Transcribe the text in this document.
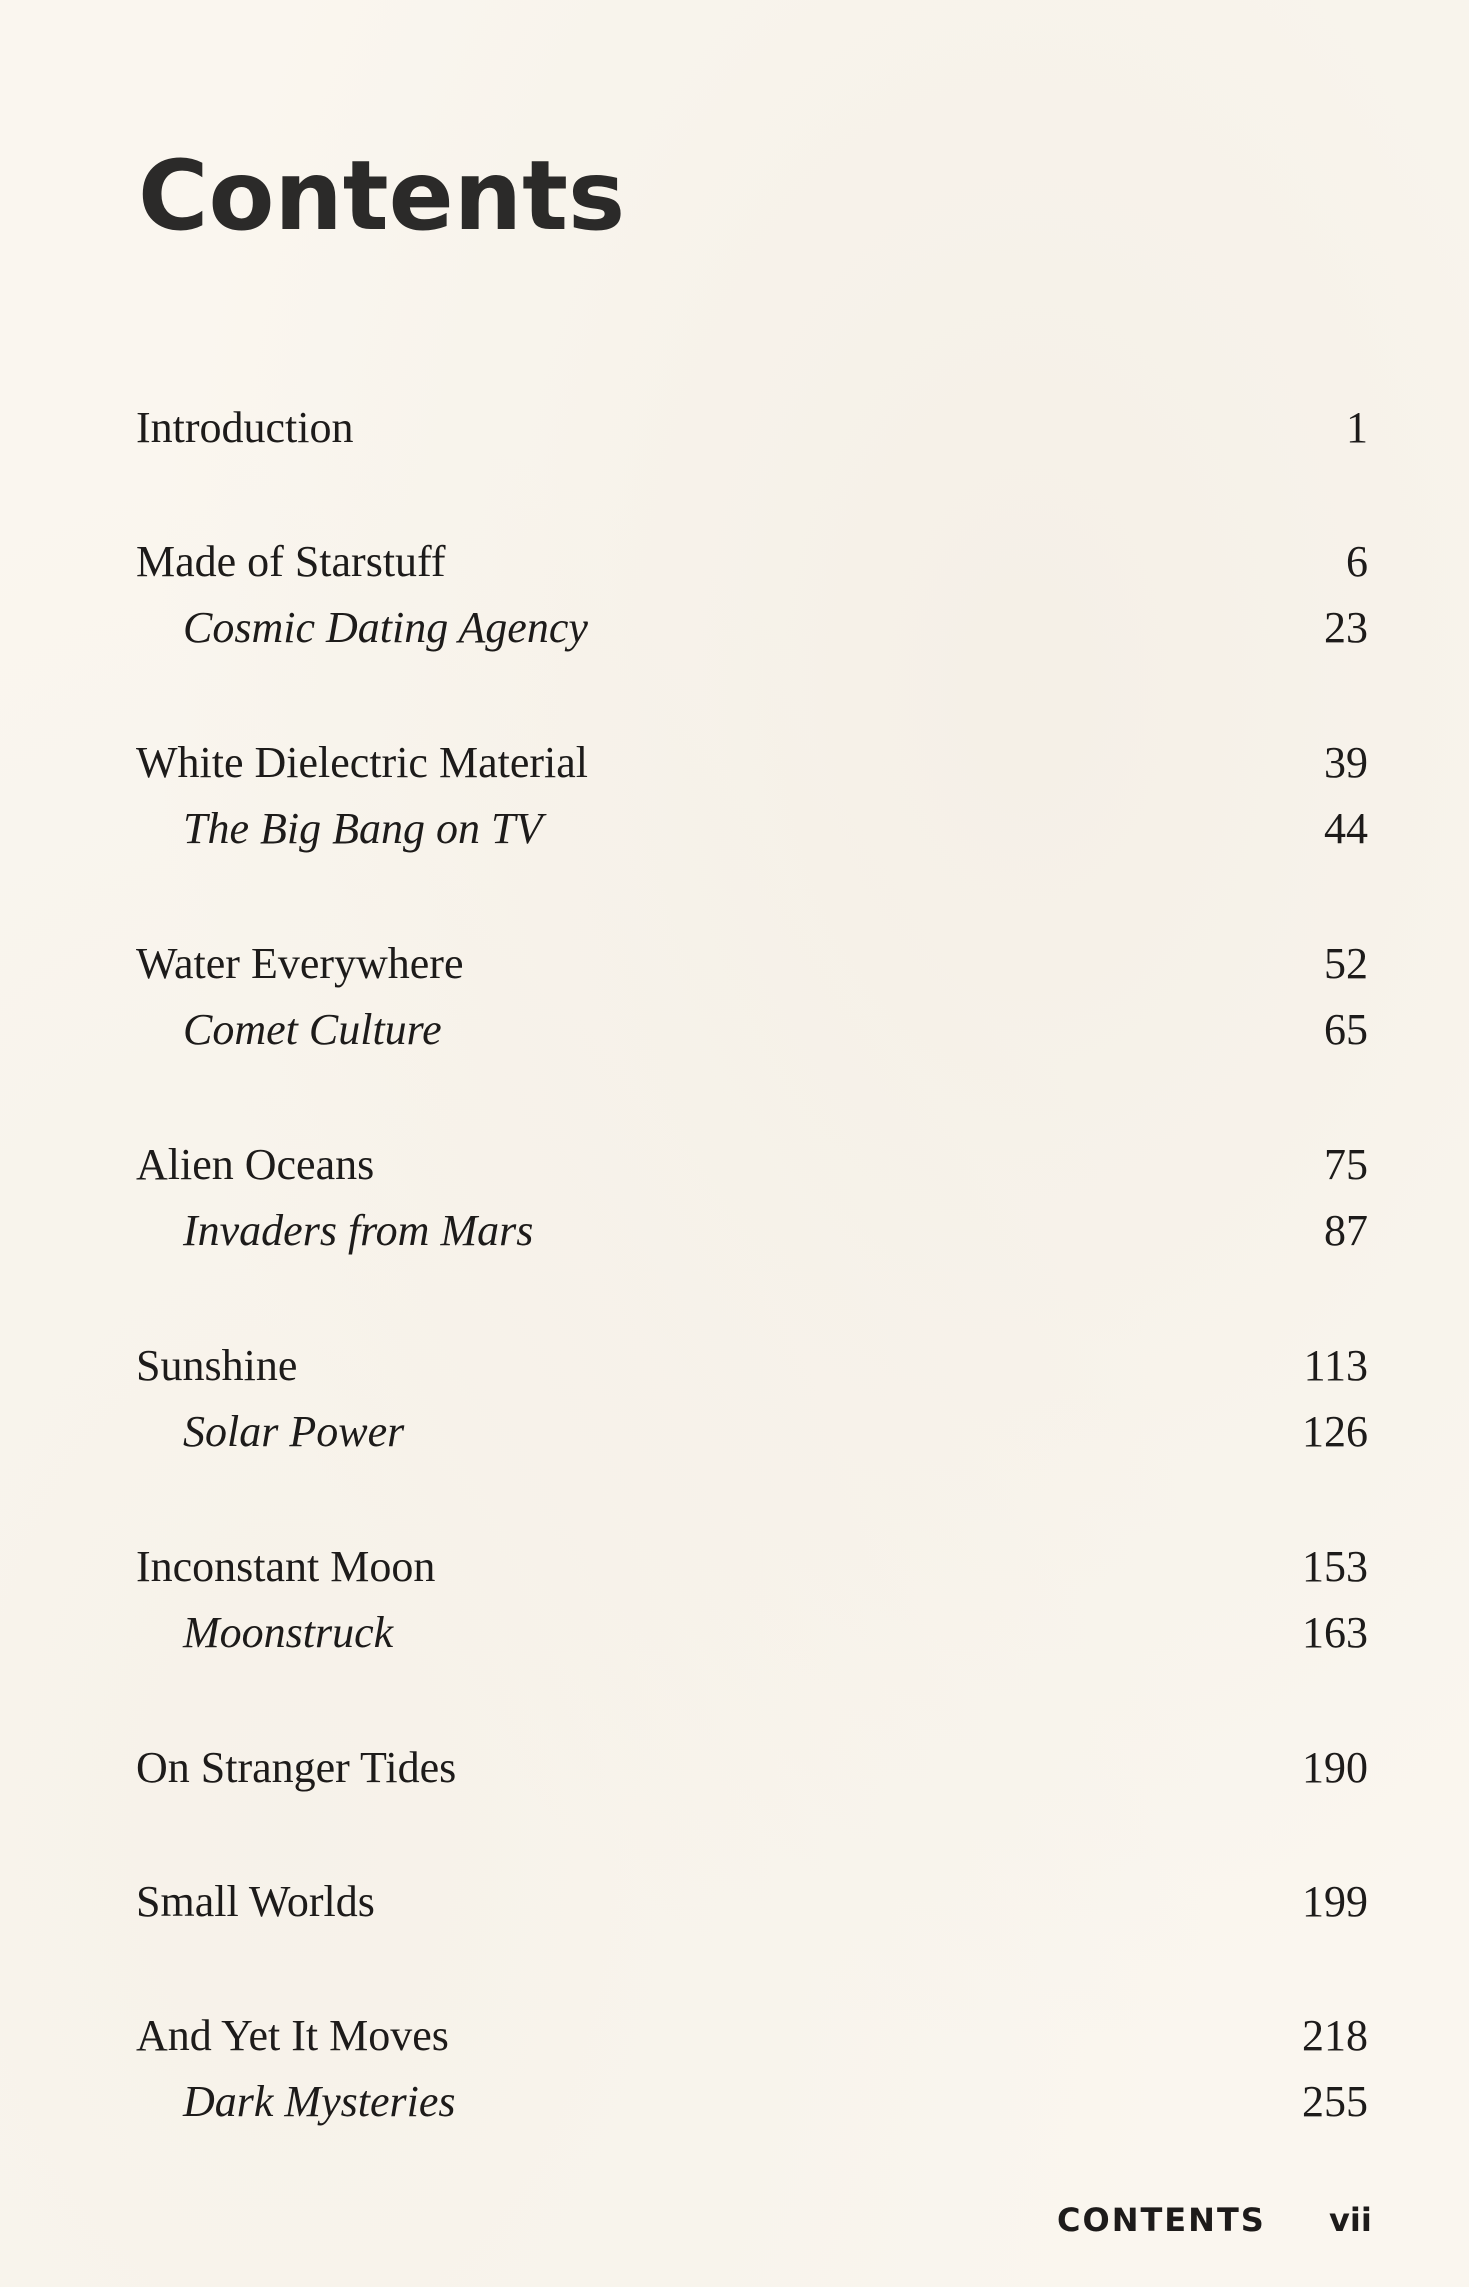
Contents
Introduction	1
Made of Starstuff	6
Cosmic Dating Agency	23
White Dielectric Material	39
The Big Bang on TV	44
Water Everywhere	52
Comet Culture	65
Alien Oceans	75
Invaders from Mars	87
Sunshine	113
Solar Power	126
Inconstant Moon	153
Moonstruck	163
On Stranger Tides	190
Small Worlds	199
And Yet It Moves	218
Dark Mysteries	255
CONTENTS vii
